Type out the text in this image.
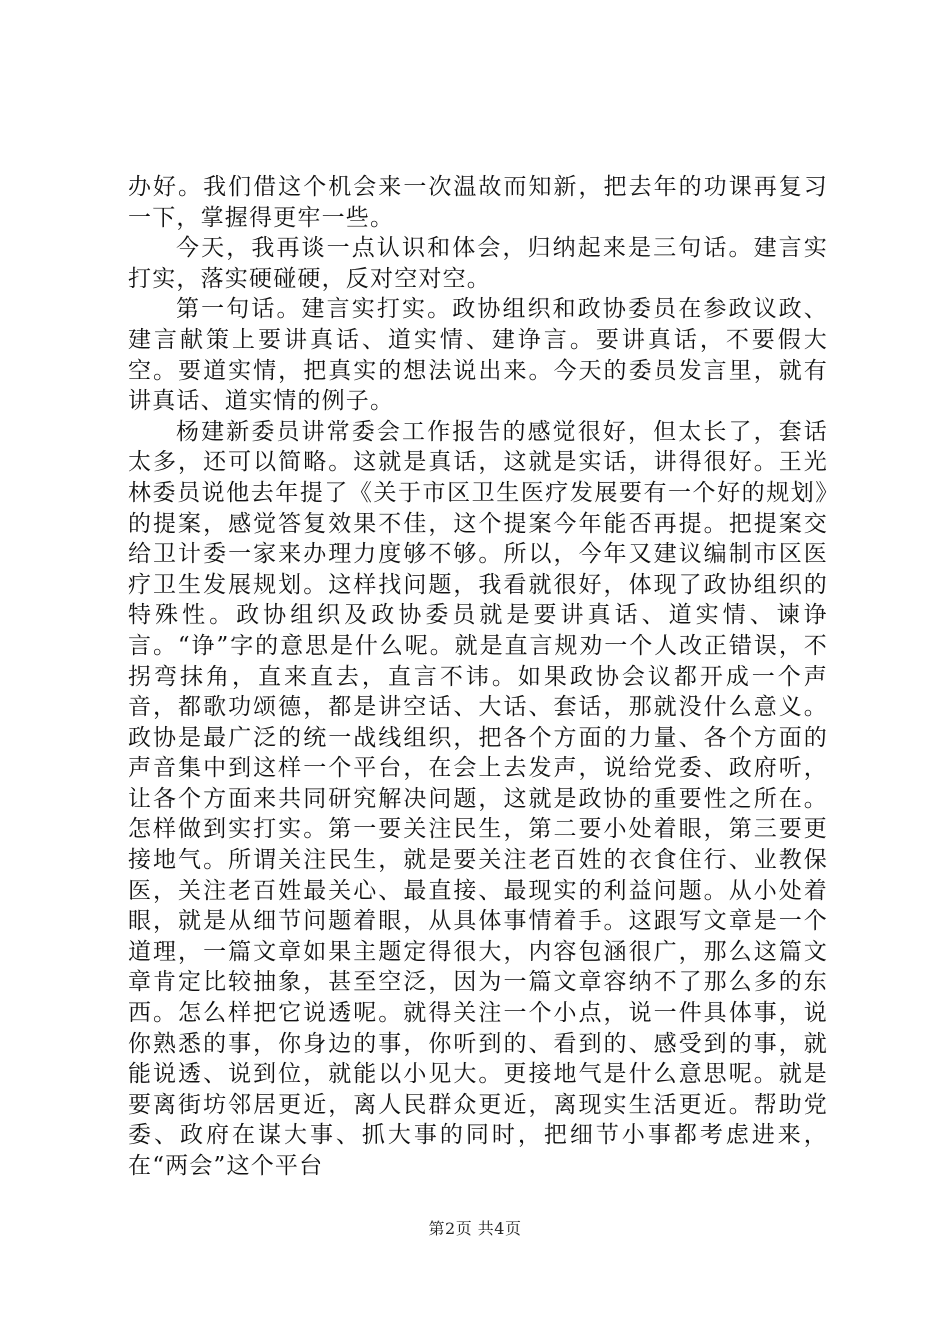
办好。我们借这个机会来一次温故而知新，把去年的功课再复习一下，掌握得更牢一些。

今天，我再谈一点认识和体会，归纳起来是三句话。建言实打实，落实硬碰硬，反对空对空。

第一句话。建言实打实。政协组织和政协委员在参政议政、建言献策上要讲真话、道实情、建诤言。要讲真话，不要假大空。要道实情，把真实的想法说出来。今天的委员发言里，就有讲真话、道实情的例子。

杨建新委员讲常委会工作报告的感觉很好，但太长了，套话太多，还可以简略。这就是真话，这就是实话，讲得很好。王光林委员说他去年提了《关于市区卫生医疗发展要有一个好的规划》的提案，感觉答复效果不佳，这个提案今年能否再提。把提案交给卫计委一家来办理力度够不够。所以，今年又建议编制市区医疗卫生发展规划。这样找问题，我看就很好，体现了政协组织的特殊性。政协组织及政协委员就是要讲真话、道实情、谏诤言。“诤”字的意思是什么呢。就是直言规劝一个人改正错误，不拐弯抹角，直来直去，直言不讳。如果政协会议都开成一个声音，都歌功颂德，都是讲空话、大话、套话，那就没什么意义。政协是最广泛的统一战线组织，把各个方面的力量、各个方面的声音集中到这样一个平台，在会上去发声，说给党委、政府听，让各个方面来共同研究解决问题，这就是政协的重要性之所在。怎样做到实打实。第一要关注民生，第二要小处着眼，第三要更接地气。所谓关注民生，就是要关注老百姓的衣食住行、业教保医，关注老百姓最关心、最直接、最现实的利益问题。从小处着眼，就是从细节问题着眼，从具体事情着手。这跟写文章是一个道理，一篇文章如果主题定得很大，内容包涵很广，那么这篇文章肯定比较抽象，甚至空泛，因为一篇文章容纳不了那么多的东西。怎么样把它说透呢。就得关注一个小点，说一件具体事，说你熟悉的事，你身边的事，你听到的、看到的、感受到的事，就能说透、说到位，就能以小见大。更接地气是什么意思呢。就是要离街坊邻居更近，离人民群众更近，离现实生活更近。帮助党委、政府在谋大事、抓大事的同时，把细节小事都考虑进来，在“两会”这个平台

第2页 共4页
